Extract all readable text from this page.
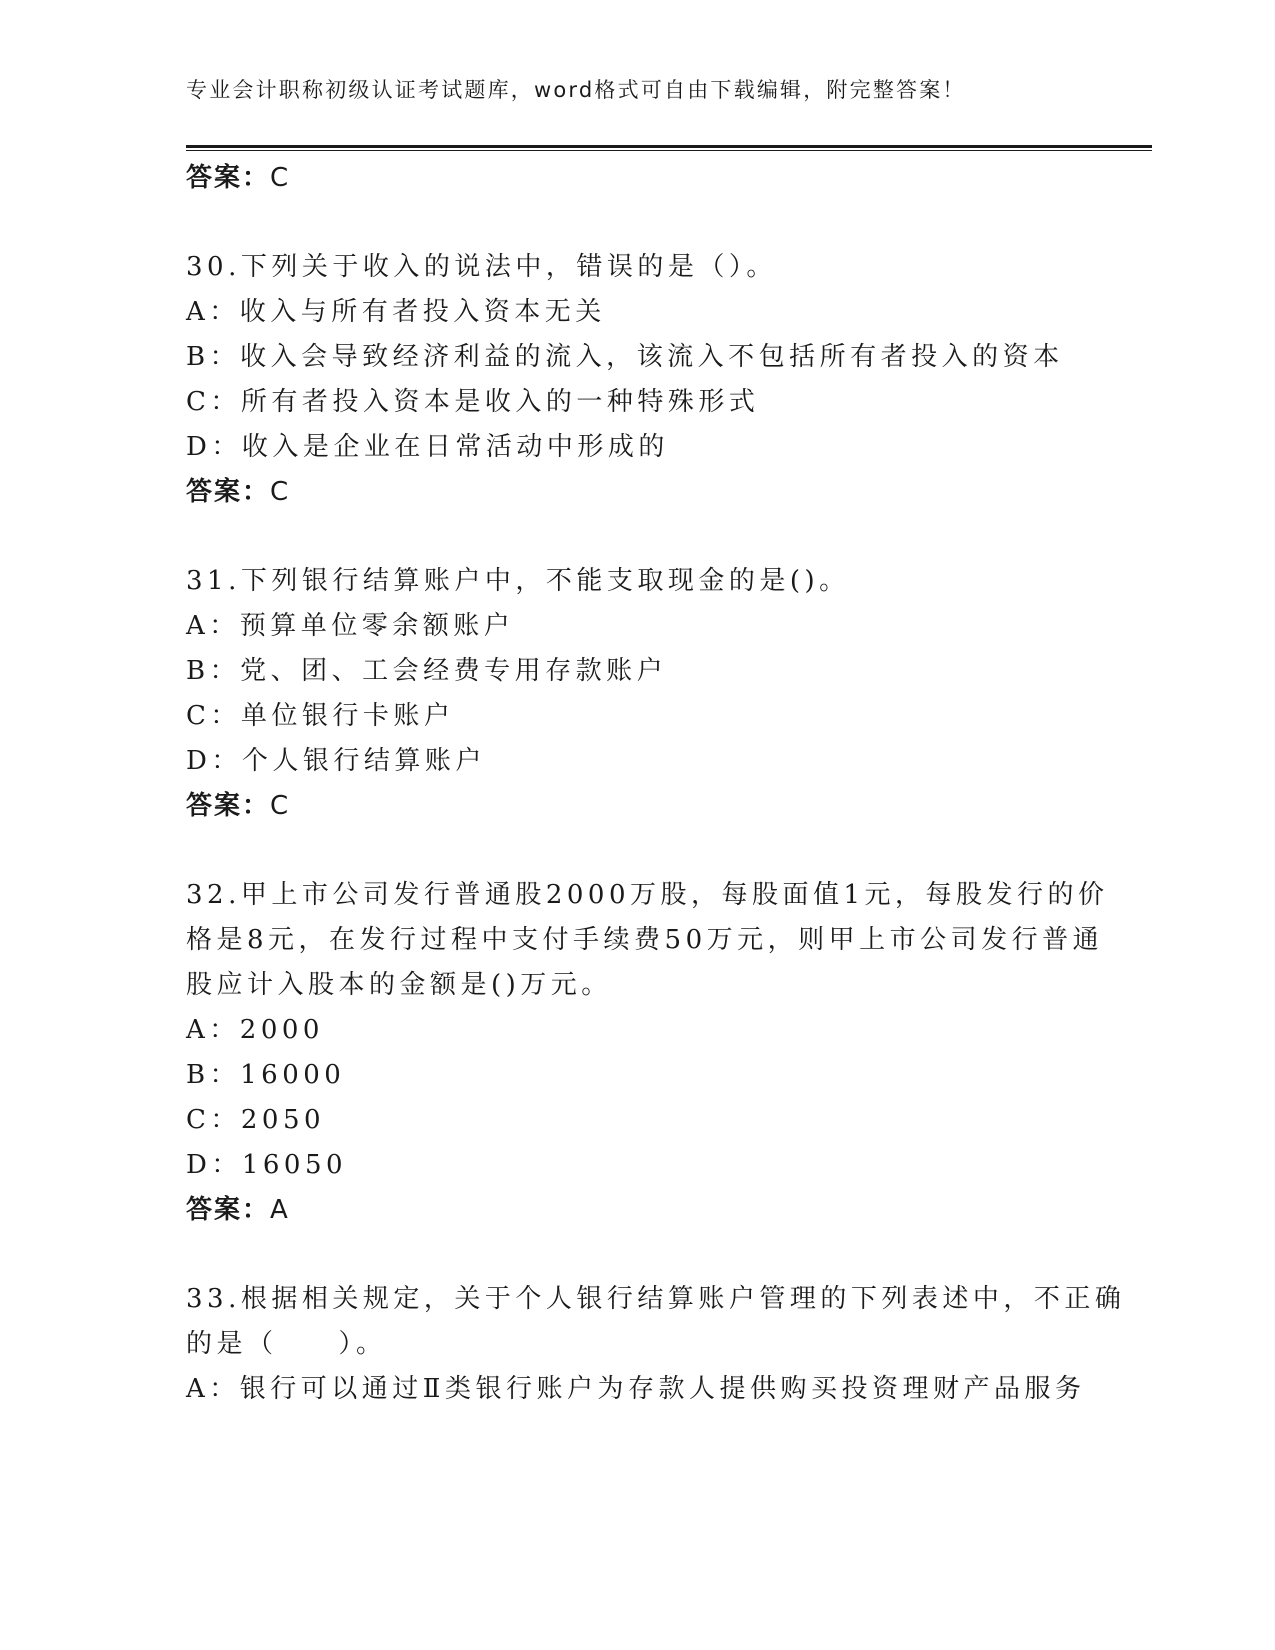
专业会计职称初级认证考试题库，word格式可自由下载编辑，附完整答案！
答案：C
30.下列关于收入的说法中，错误的是（）。
A：收入与所有者投入资本无关
B：收入会导致经济利益的流入，该流入不包括所有者投入的资本
C：所有者投入资本是收入的一种特殊形式
D：收入是企业在日常活动中形成的
答案：C
31.下列银行结算账户中，不能支取现金的是()。
A：预算单位零余额账户
B：党、团、工会经费专用存款账户
C：单位银行卡账户
D：个人银行结算账户
答案：C
32.甲上市公司发行普通股2000万股，每股面值1元，每股发行的价
格是8元，在发行过程中支付手续费50万元，则甲上市公司发行普通
股应计入股本的金额是()万元。
A：2000
B：16000
C：2050
D：16050
答案：A
33.根据相关规定，关于个人银行结算账户管理的下列表述中，不正确
的是（　　）。
A：银行可以通过Ⅱ类银行账户为存款人提供购买投资理财产品服务
